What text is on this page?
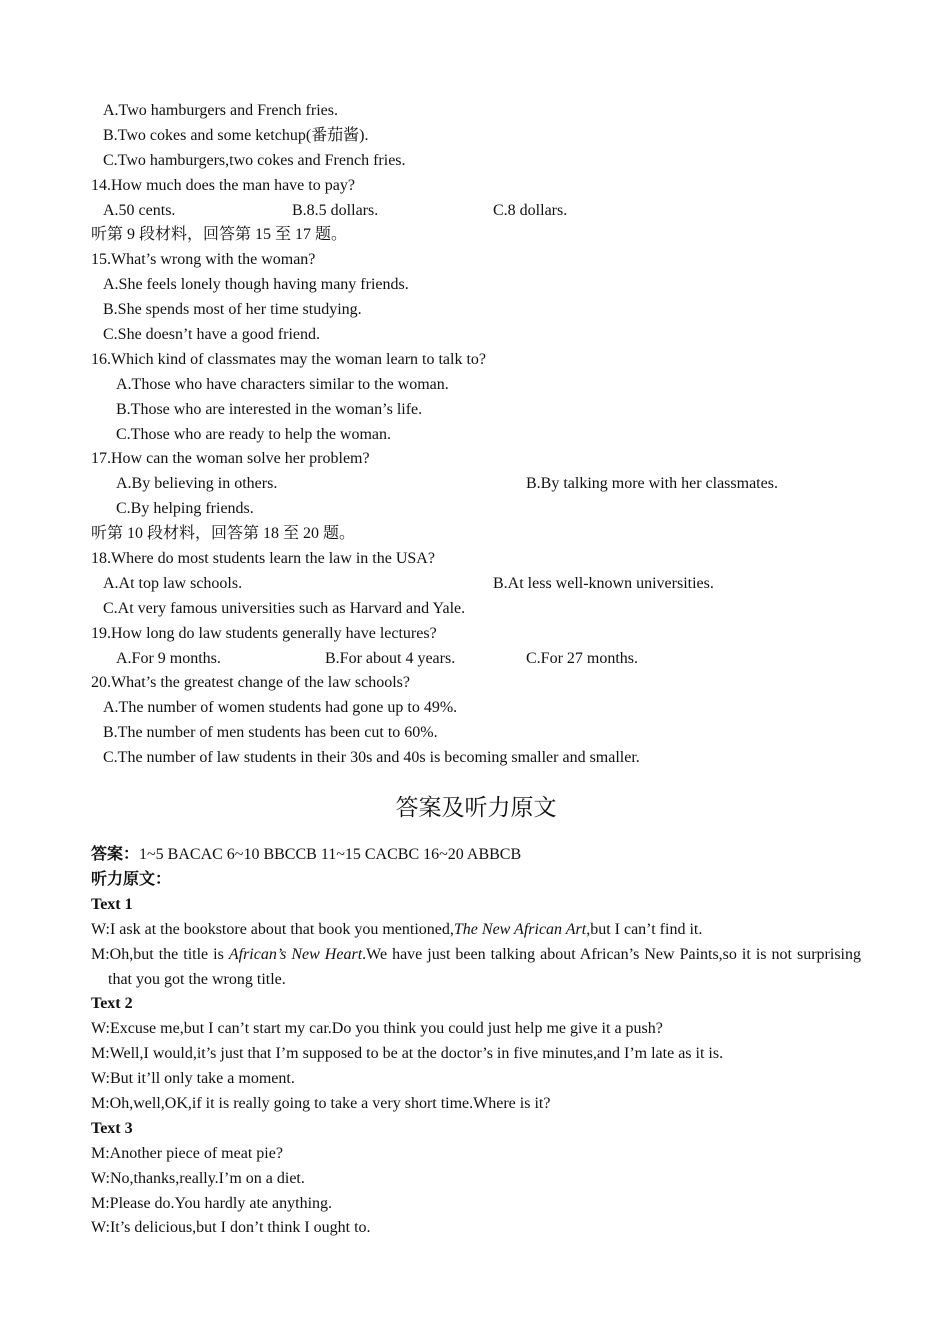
A.Two hamburgers and French fries.
B.Two cokes and some ketchup(番茄酱).
C.Two hamburgers,two cokes and French fries.
14.How much does the man have to pay?
A.50 cents.	B.8.5 dollars.	C.8 dollars.
听第 9 段材料，回答第 15 至 17 题。
15.What’s wrong with the woman?
A.She feels lonely though having many friends.
B.She spends most of her time studying.
C.She doesn’t have a good friend.
16.Which kind of classmates may the woman learn to talk to?
A.Those who have characters similar to the woman.
B.Those who are interested in the woman’s life.
C.Those who are ready to help the woman.
17.How can the woman solve her problem?
A.By believing in others.	B.By talking more with her classmates.
C.By helping friends.
听第 10 段材料，回答第 18 至 20 题。
18.Where do most students learn the law in the USA?
A.At top law schools.	B.At less well-known universities.
C.At very famous universities such as Harvard and Yale.
19.How long do law students generally have lectures?
A.For 9 months.	B.For about 4 years.	C.For 27 months.
20.What’s the greatest change of the law schools?
A.The number of women students had gone up to 49%.
B.The number of men students has been cut to 60%.
C.The number of law students in their 30s and 40s is becoming smaller and smaller.
答案及听力原文
答案：1~5 BACAC 6~10 BBCCB 11~15 CACBC 16~20 ABBCB
听力原文：
Text 1
W:I ask at the bookstore about that book you mentioned,The New African Art,but I can’t find it.
M:Oh,but the title is African’s New Heart.We have just been talking about African’s New Paints,so it is not surprising that you got the wrong title.
Text 2
W:Excuse me,but I can’t start my car.Do you think you could just help me give it a push?
M:Well,I would,it’s just that I’m supposed to be at the doctor’s in five minutes,and I’m late as it is.
W:But it’ll only take a moment.
M:Oh,well,OK,if it is really going to take a very short time.Where is it?
Text 3
M:Another piece of meat pie?
W:No,thanks,really.I’m on a diet.
M:Please do.You hardly ate anything.
W:It’s delicious,but I don’t think I ought to.
